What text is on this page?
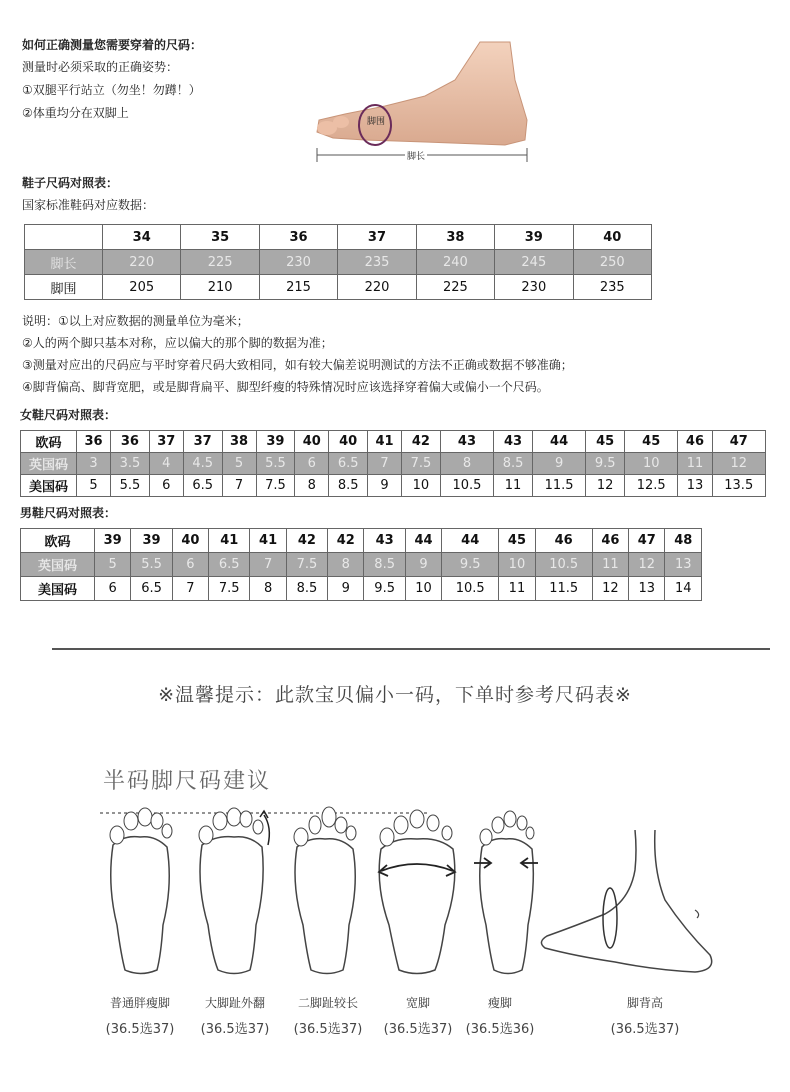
如何正确测量您需要穿着的尺码：
测量时必须采取的正确姿势：
①双腿平行站立（勿坐！勿蹲！）
②体重均分在双脚上
脚围
脚长
鞋子尺码对照表：
国家标准鞋码对应数据：
	34	35	36	37	38	39	40
脚长	220	225	230	235	240	245	250
脚围	205	210	215	220	225	230	235
说明：①以上对应数据的测量单位为毫米；
②人的两个脚只基本对称，应以偏大的那个脚的数据为准；
③测量对应出的尺码应与平时穿着尺码大致相同，如有较大偏差说明测试的方法不正确或数据不够准确；
④脚背偏高、脚背宽肥，或是脚背扁平、脚型纤瘦的特殊情况时应该选择穿着偏大或偏小一个尺码。
女鞋尺码对照表：
欧码	36	36	37	37	38	39	40	40	41	42	43	43	44	45	45	46	47
英国码	3	3.5	4	4.5	5	5.5	6	6.5	7	7.5	8	8.5	9	9.5	10	11	12
美国码	5	5.5	6	6.5	7	7.5	8	8.5	9	10	10.5	11	11.5	12	12.5	13	13.5
男鞋尺码对照表：
欧码	39	39	40	41	41	42	42	43	44	44	45	46	46	47	48
英国码	5	5.5	6	6.5	7	7.5	8	8.5	9	9.5	10	10.5	11	12	13
美国码	6	6.5	7	7.5	8	8.5	9	9.5	10	10.5	11	11.5	12	13	14
※温馨提示：此款宝贝偏小一码，下单时参考尺码表※
半码脚尺码建议
普通胖瘦脚	大脚趾外翻	二脚趾较长	宽脚	瘦脚	脚背高
(36.5选37)	(36.5选37)	(36.5选37)	(36.5选37)	(36.5选36)	(36.5选37)
